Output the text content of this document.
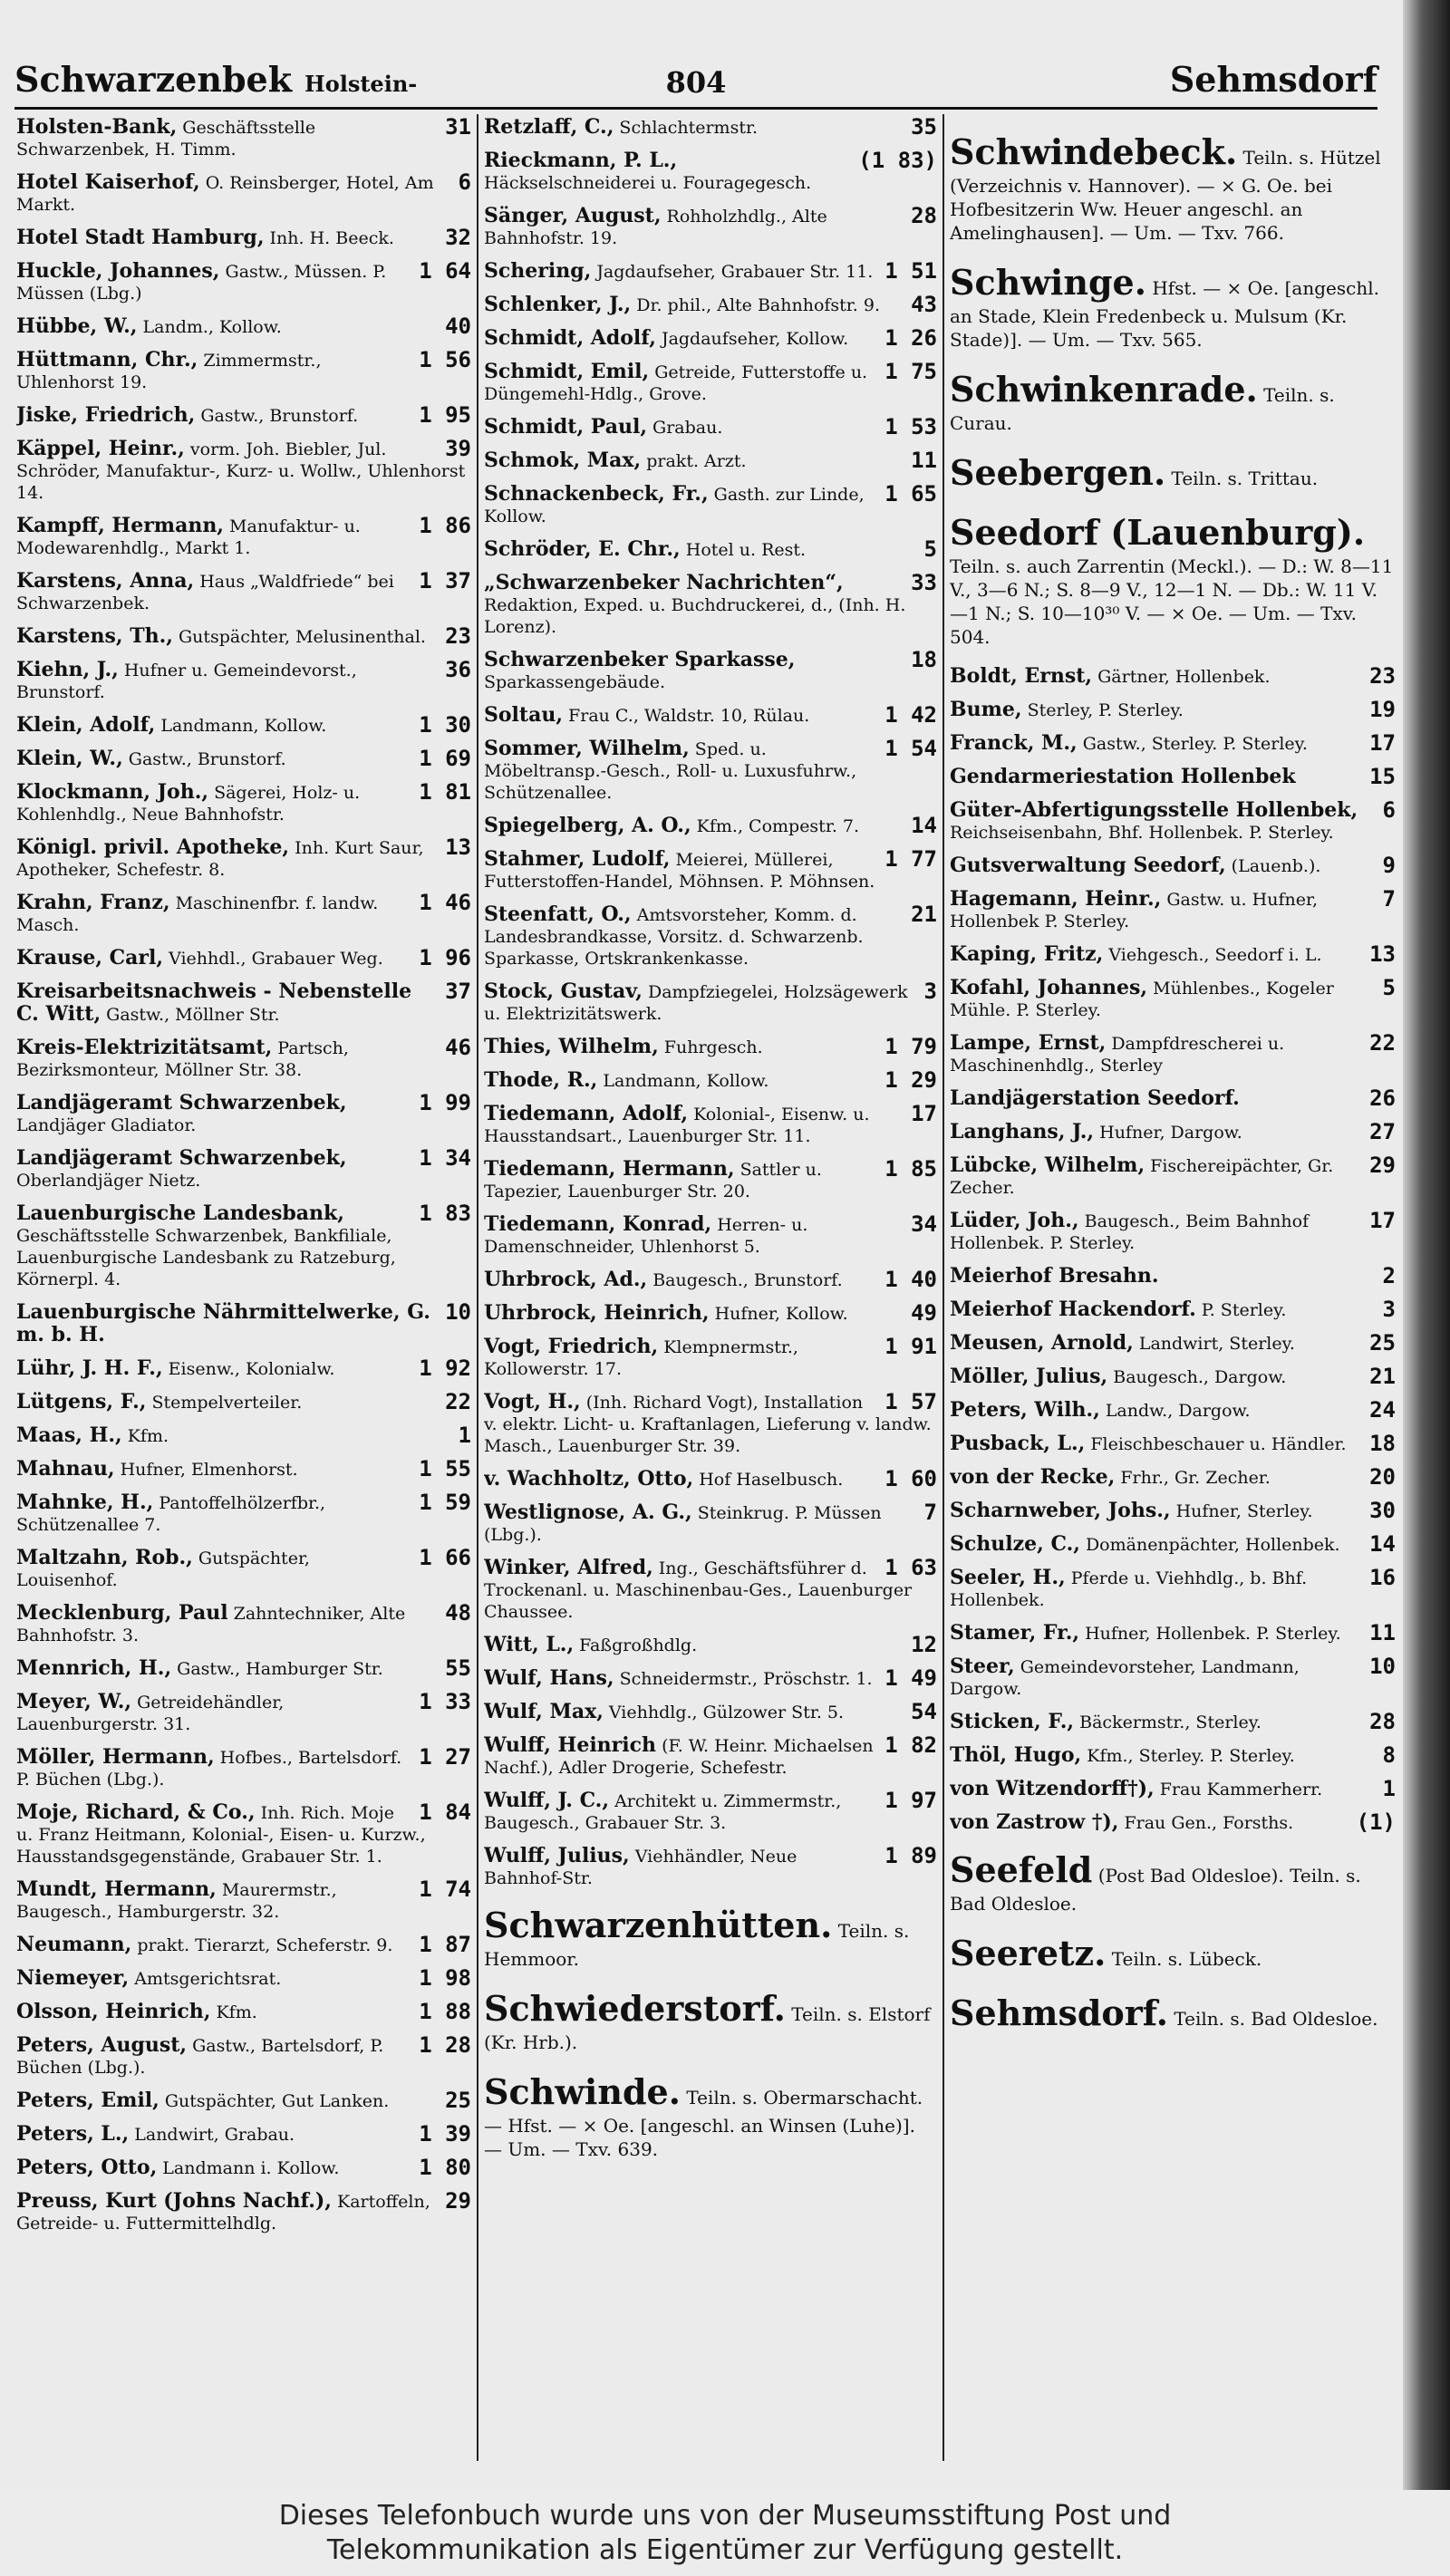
Schwarzenbek Holstein-	804	Sehmsdorf
31
Holsten-Bank, Geschäftsstelle Schwarzenbek, H. Timm.
6
Hotel Kaiserhof, O. Reinsberger, Hotel, Am Markt.
32
Hotel Stadt Hamburg, Inh. H. Beeck.
1 64
Huckle, Johannes, Gastw., Müssen. P. Müssen (Lbg.)
40
Hübbe, W., Landm., Kollow.
1 56
Hüttmann, Chr., Zimmermstr., Uhlenhorst 19.
1 95
Jiske, Friedrich, Gastw., Brunstorf.
39
Käppel, Heinr., vorm. Joh. Biebler, Jul. Schröder, Manufaktur-, Kurz- u. Wollw., Uhlenhorst 14.
1 86
Kampff, Hermann, Manufaktur- u. Modewarenhdlg., Markt 1.
1 37
Karstens, Anna, Haus „Waldfriede“ bei Schwarzenbek.
23
Karstens, Th., Gutspächter, Melusinenthal.
36
Kiehn, J., Hufner u. Gemeindevorst., Brunstorf.
1 30
Klein, Adolf, Landmann, Kollow.
1 69
Klein, W., Gastw., Brunstorf.
1 81
Klockmann, Joh., Sägerei, Holz- u. Kohlenhdlg., Neue Bahnhofstr.
13
Königl. privil. Apotheke, Inh. Kurt Saur, Apotheker, Schefestr. 8.
1 46
Krahn, Franz, Maschinenfbr. f. landw. Masch.
1 96
Krause, Carl, Viehhdl., Grabauer Weg.
37
Kreisarbeitsnachweis - Nebenstelle C. Witt, Gastw., Möllner Str.
46
Kreis-Elektrizitätsamt, Partsch, Bezirksmonteur, Möllner Str. 38.
1 99
Landjägeramt Schwarzenbek, Landjäger Gladiator.
1 34
Landjägeramt Schwarzenbek, Oberlandjäger Nietz.
1 83
Lauenburgische Landesbank, Geschäftsstelle Schwarzenbek, Bankfiliale, Lauenburgische Landesbank zu Ratzeburg, Körnerpl. 4.
10
Lauenburgische Nährmittelwerke, G. m. b. H.
1 92
Lühr, J. H. F., Eisenw., Kolonialw.
22
Lütgens, F., Stempelverteiler.
1
Maas, H., Kfm.
1 55
Mahnau, Hufner, Elmenhorst.
1 59
Mahnke, H., Pantoffelhölzerfbr., Schützenallee 7.
1 66
Maltzahn, Rob., Gutspächter, Louisenhof.
48
Mecklenburg, Paul Zahntechniker, Alte Bahnhofstr. 3.
55
Mennrich, H., Gastw., Hamburger Str.
1 33
Meyer, W., Getreidehändler, Lauenburgerstr. 31.
1 27
Möller, Hermann, Hofbes., Bartelsdorf. P. Büchen (Lbg.).
1 84
Moje, Richard, & Co., Inh. Rich. Moje u. Franz Heitmann, Kolonial-, Eisen- u. Kurzw., Hausstandsgegenstände, Grabauer Str. 1.
1 74
Mundt, Hermann, Maurermstr., Baugesch., Hamburgerstr. 32.
1 87
Neumann, prakt. Tierarzt, Scheferstr. 9.
1 98
Niemeyer, Amtsgerichtsrat.
1 88
Olsson, Heinrich, Kfm.
1 28
Peters, August, Gastw., Bartelsdorf, P. Büchen (Lbg.).
25
Peters, Emil, Gutspächter, Gut Lanken.
1 39
Peters, L., Landwirt, Grabau.
1 80
Peters, Otto, Landmann i. Kollow.
29
Preuss, Kurt (Johns Nachf.), Kartoffeln, Getreide- u. Futtermittelhdlg.
35
Retzlaff, C., Schlachtermstr.
(1 83)
Rieckmann, P. L., Häckselschneiderei u. Fouragegesch.
28
Sänger, August, Rohholzhdlg., Alte Bahnhofstr. 19.
1 51
Schering, Jagdaufseher, Grabauer Str. 11.
43
Schlenker, J., Dr. phil., Alte Bahnhofstr. 9.
1 26
Schmidt, Adolf, Jagdaufseher, Kollow.
1 75
Schmidt, Emil, Getreide, Futterstoffe u. Düngemehl-Hdlg., Grove.
1 53
Schmidt, Paul, Grabau.
11
Schmok, Max, prakt. Arzt.
1 65
Schnackenbeck, Fr., Gasth. zur Linde, Kollow.
5
Schröder, E. Chr., Hotel u. Rest.
33
„Schwarzenbeker Nachrichten“, Redaktion, Exped. u. Buchdruckerei, d., (Inh. H. Lorenz).
18
Schwarzenbeker Sparkasse, Sparkassengebäude.
1 42
Soltau, Frau C., Waldstr. 10, Rülau.
1 54
Sommer, Wilhelm, Sped. u. Möbeltransp.-Gesch., Roll- u. Luxusfuhrw., Schützenallee.
14
Spiegelberg, A. O., Kfm., Compestr. 7.
1 77
Stahmer, Ludolf, Meierei, Müllerei, Futterstoffen-Handel, Möhnsen. P. Möhnsen.
21
Steenfatt, O., Amtsvorsteher, Komm. d. Landesbrandkasse, Vorsitz. d. Schwarzenb. Sparkasse, Ortskrankenkasse.
3
Stock, Gustav, Dampfziegelei, Holzsägewerk u. Elektrizitätswerk.
1 79
Thies, Wilhelm, Fuhrgesch.
1 29
Thode, R., Landmann, Kollow.
17
Tiedemann, Adolf, Kolonial-, Eisenw. u. Hausstandsart., Lauenburger Str. 11.
1 85
Tiedemann, Hermann, Sattler u. Tapezier, Lauenburger Str. 20.
34
Tiedemann, Konrad, Herren- u. Damenschneider, Uhlenhorst 5.
1 40
Uhrbrock, Ad., Baugesch., Brunstorf.
49
Uhrbrock, Heinrich, Hufner, Kollow.
1 91
Vogt, Friedrich, Klempnermstr., Kollowerstr. 17.
1 57
Vogt, H., (Inh. Richard Vogt), Installation v. elektr. Licht- u. Kraftanlagen, Lieferung v. landw. Masch., Lauenburger Str. 39.
1 60
v. Wachholtz, Otto, Hof Haselbusch.
7
Westlignose, A. G., Steinkrug. P. Müssen (Lbg.).
1 63
Winker, Alfred, Ing., Geschäftsführer d. Trockenanl. u. Maschinenbau-Ges., Lauenburger Chaussee.
12
Witt, L., Faßgroßhdlg.
1 49
Wulf, Hans, Schneidermstr., Pröschstr. 1.
54
Wulf, Max, Viehhdlg., Gülzower Str. 5.
1 82
Wulff, Heinrich (F. W. Heinr. Michaelsen Nachf.), Adler Drogerie, Schefestr.
1 97
Wulff, J. C., Architekt u. Zimmermstr., Baugesch., Grabauer Str. 3.
1 89
Wulff, Julius, Viehhändler, Neue Bahnhof-Str.
Schwarzenhütten. Teiln. s. Hemmoor.
Schwiederstorf. Teiln. s. Elstorf (Kr. Hrb.).
Schwinde. Teiln. s. Obermarschacht. — Hfst. — × Oe. [angeschl. an Winsen (Luhe)]. — Um. — Txv. 639.
Schwindebeck. Teiln. s. Hützel (Verzeichnis v. Hannover). — × G. Oe. bei Hofbesitzerin Ww. Heuer angeschl. an Amelinghausen]. — Um. — Txv. 766.
Schwinge. Hfst. — × Oe. [angeschl. an Stade, Klein Fredenbeck u. Mulsum (Kr. Stade)]. — Um. — Txv. 565.
Schwinkenrade. Teiln. s. Curau.
Seebergen. Teiln. s. Trittau.
Seedorf (Lauenburg). Teiln. s. auch Zarrentin (Meckl.). — D.: W. 8—11 V., 3—6 N.; S. 8—9 V., 12—1 N. — Db.: W. 11 V.—1 N.; S. 10—10³⁰ V. — × Oe. — Um. — Txv. 504.
23
Boldt, Ernst, Gärtner, Hollenbek.
19
Bume, Sterley, P. Sterley.
17
Franck, M., Gastw., Sterley. P. Sterley.
15
Gendarmeriestation Hollenbek
6
Güter-Abfertigungsstelle Hollenbek, Reichseisenbahn, Bhf. Hollenbek. P. Sterley.
9
Gutsverwaltung Seedorf, (Lauenb.).
7
Hagemann, Heinr., Gastw. u. Hufner, Hollenbek P. Sterley.
13
Kaping, Fritz, Viehgesch., Seedorf i. L.
5
Kofahl, Johannes, Mühlenbes., Kogeler Mühle. P. Sterley.
22
Lampe, Ernst, Dampfdrescherei u. Maschinenhdlg., Sterley
26
Landjägerstation Seedorf.
27
Langhans, J., Hufner, Dargow.
29
Lübcke, Wilhelm, Fischereipächter, Gr. Zecher.
17
Lüder, Joh., Baugesch., Beim Bahnhof Hollenbek. P. Sterley.
2
Meierhof Bresahn.
3
Meierhof Hackendorf. P. Sterley.
25
Meusen, Arnold, Landwirt, Sterley.
21
Möller, Julius, Baugesch., Dargow.
24
Peters, Wilh., Landw., Dargow.
18
Pusback, L., Fleischbeschauer u. Händler.
20
von der Recke, Frhr., Gr. Zecher.
30
Scharnweber, Johs., Hufner, Sterley.
14
Schulze, C., Domänenpächter, Hollenbek.
16
Seeler, H., Pferde u. Viehhdlg., b. Bhf. Hollenbek.
11
Stamer, Fr., Hufner, Hollenbek. P. Sterley.
10
Steer, Gemeindevorsteher, Landmann, Dargow.
28
Sticken, F., Bäckermstr., Sterley.
8
Thöl, Hugo, Kfm., Sterley. P. Sterley.
1
von Witzendorff†), Frau Kammerherr.
(1)
von Zastrow †), Frau Gen., Forsths.
Seefeld (Post Bad Oldesloe). Teiln. s. Bad Oldesloe.
Seeretz. Teiln. s. Lübeck.
Sehmsdorf. Teiln. s. Bad Oldesloe.
Dieses Telefonbuch wurde uns von der Museumsstiftung Post und
Telekommunikation als Eigentümer zur Verfügung gestellt.
